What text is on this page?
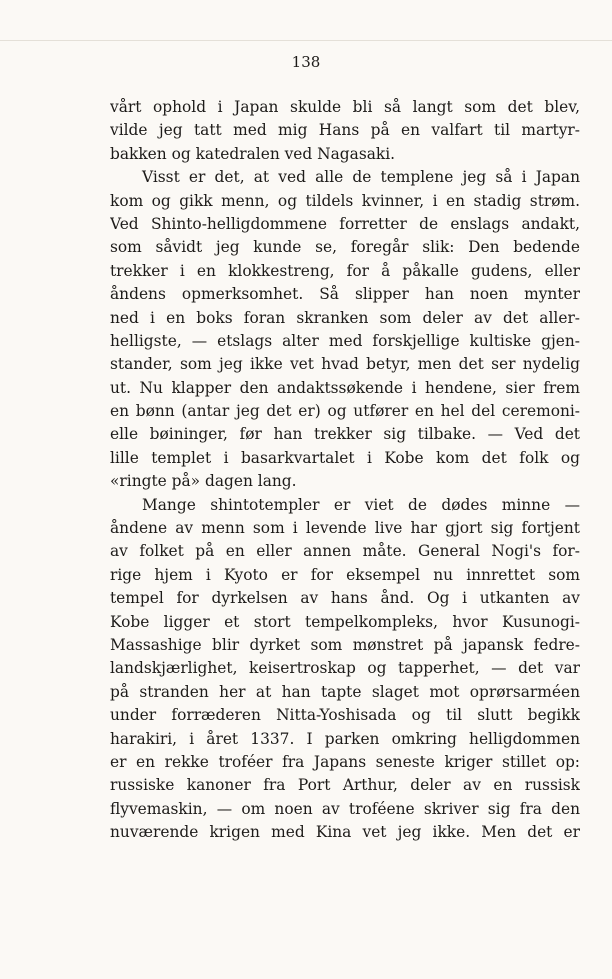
138
vårt ophold i Japan skulde bli så langt som det blev,
vilde jeg tatt med mig Hans på en valfart til martyr-
bakken og katedralen ved Nagasaki.
Visst er det, at ved alle de templene jeg så i Japan
kom og gikk menn, og tildels kvinner, i en stadig strøm.
Ved Shinto-helligdommene forretter de enslags andakt,
som såvidt jeg kunde se, foregår slik: Den bedende
trekker i en klokkestreng, for å påkalle gudens, eller
åndens opmerksomhet. Så slipper han noen mynter
ned i en boks foran skranken som deler av det aller-
helligste, — etslags alter med forskjellige kultiske gjen-
stander, som jeg ikke vet hvad betyr, men det ser nydelig
ut. Nu klapper den andaktssøkende i hendene, sier frem
en bønn (antar jeg det er) og utfører en hel del ceremoni-
elle bøininger, før han trekker sig tilbake. — Ved det
lille templet i basarkvartalet i Kobe kom det folk og
«ringte på» dagen lang.
Mange shintotempler er viet de dødes minne —
åndene av menn som i levende live har gjort sig fortjent
av folket på en eller annen måte. General Nogi's for-
rige hjem i Kyoto er for eksempel nu innrettet som
tempel for dyrkelsen av hans ånd. Og i utkanten av
Kobe ligger et stort tempelkompleks, hvor Kusunogi-
Massashige blir dyrket som mønstret på japansk fedre-
landskjærlighet, keisertroskap og tapperhet, — det var
på stranden her at han tapte slaget mot oprørsarméen
under forræderen Nitta-Yoshisada og til slutt begikk
harakiri, i året 1337. I parken omkring helligdommen
er en rekke troféer fra Japans seneste kriger stillet op:
russiske kanoner fra Port Arthur, deler av en russisk
flyvemaskin, — om noen av troféene skriver sig fra den
nuværende krigen med Kina vet jeg ikke. Men det er
